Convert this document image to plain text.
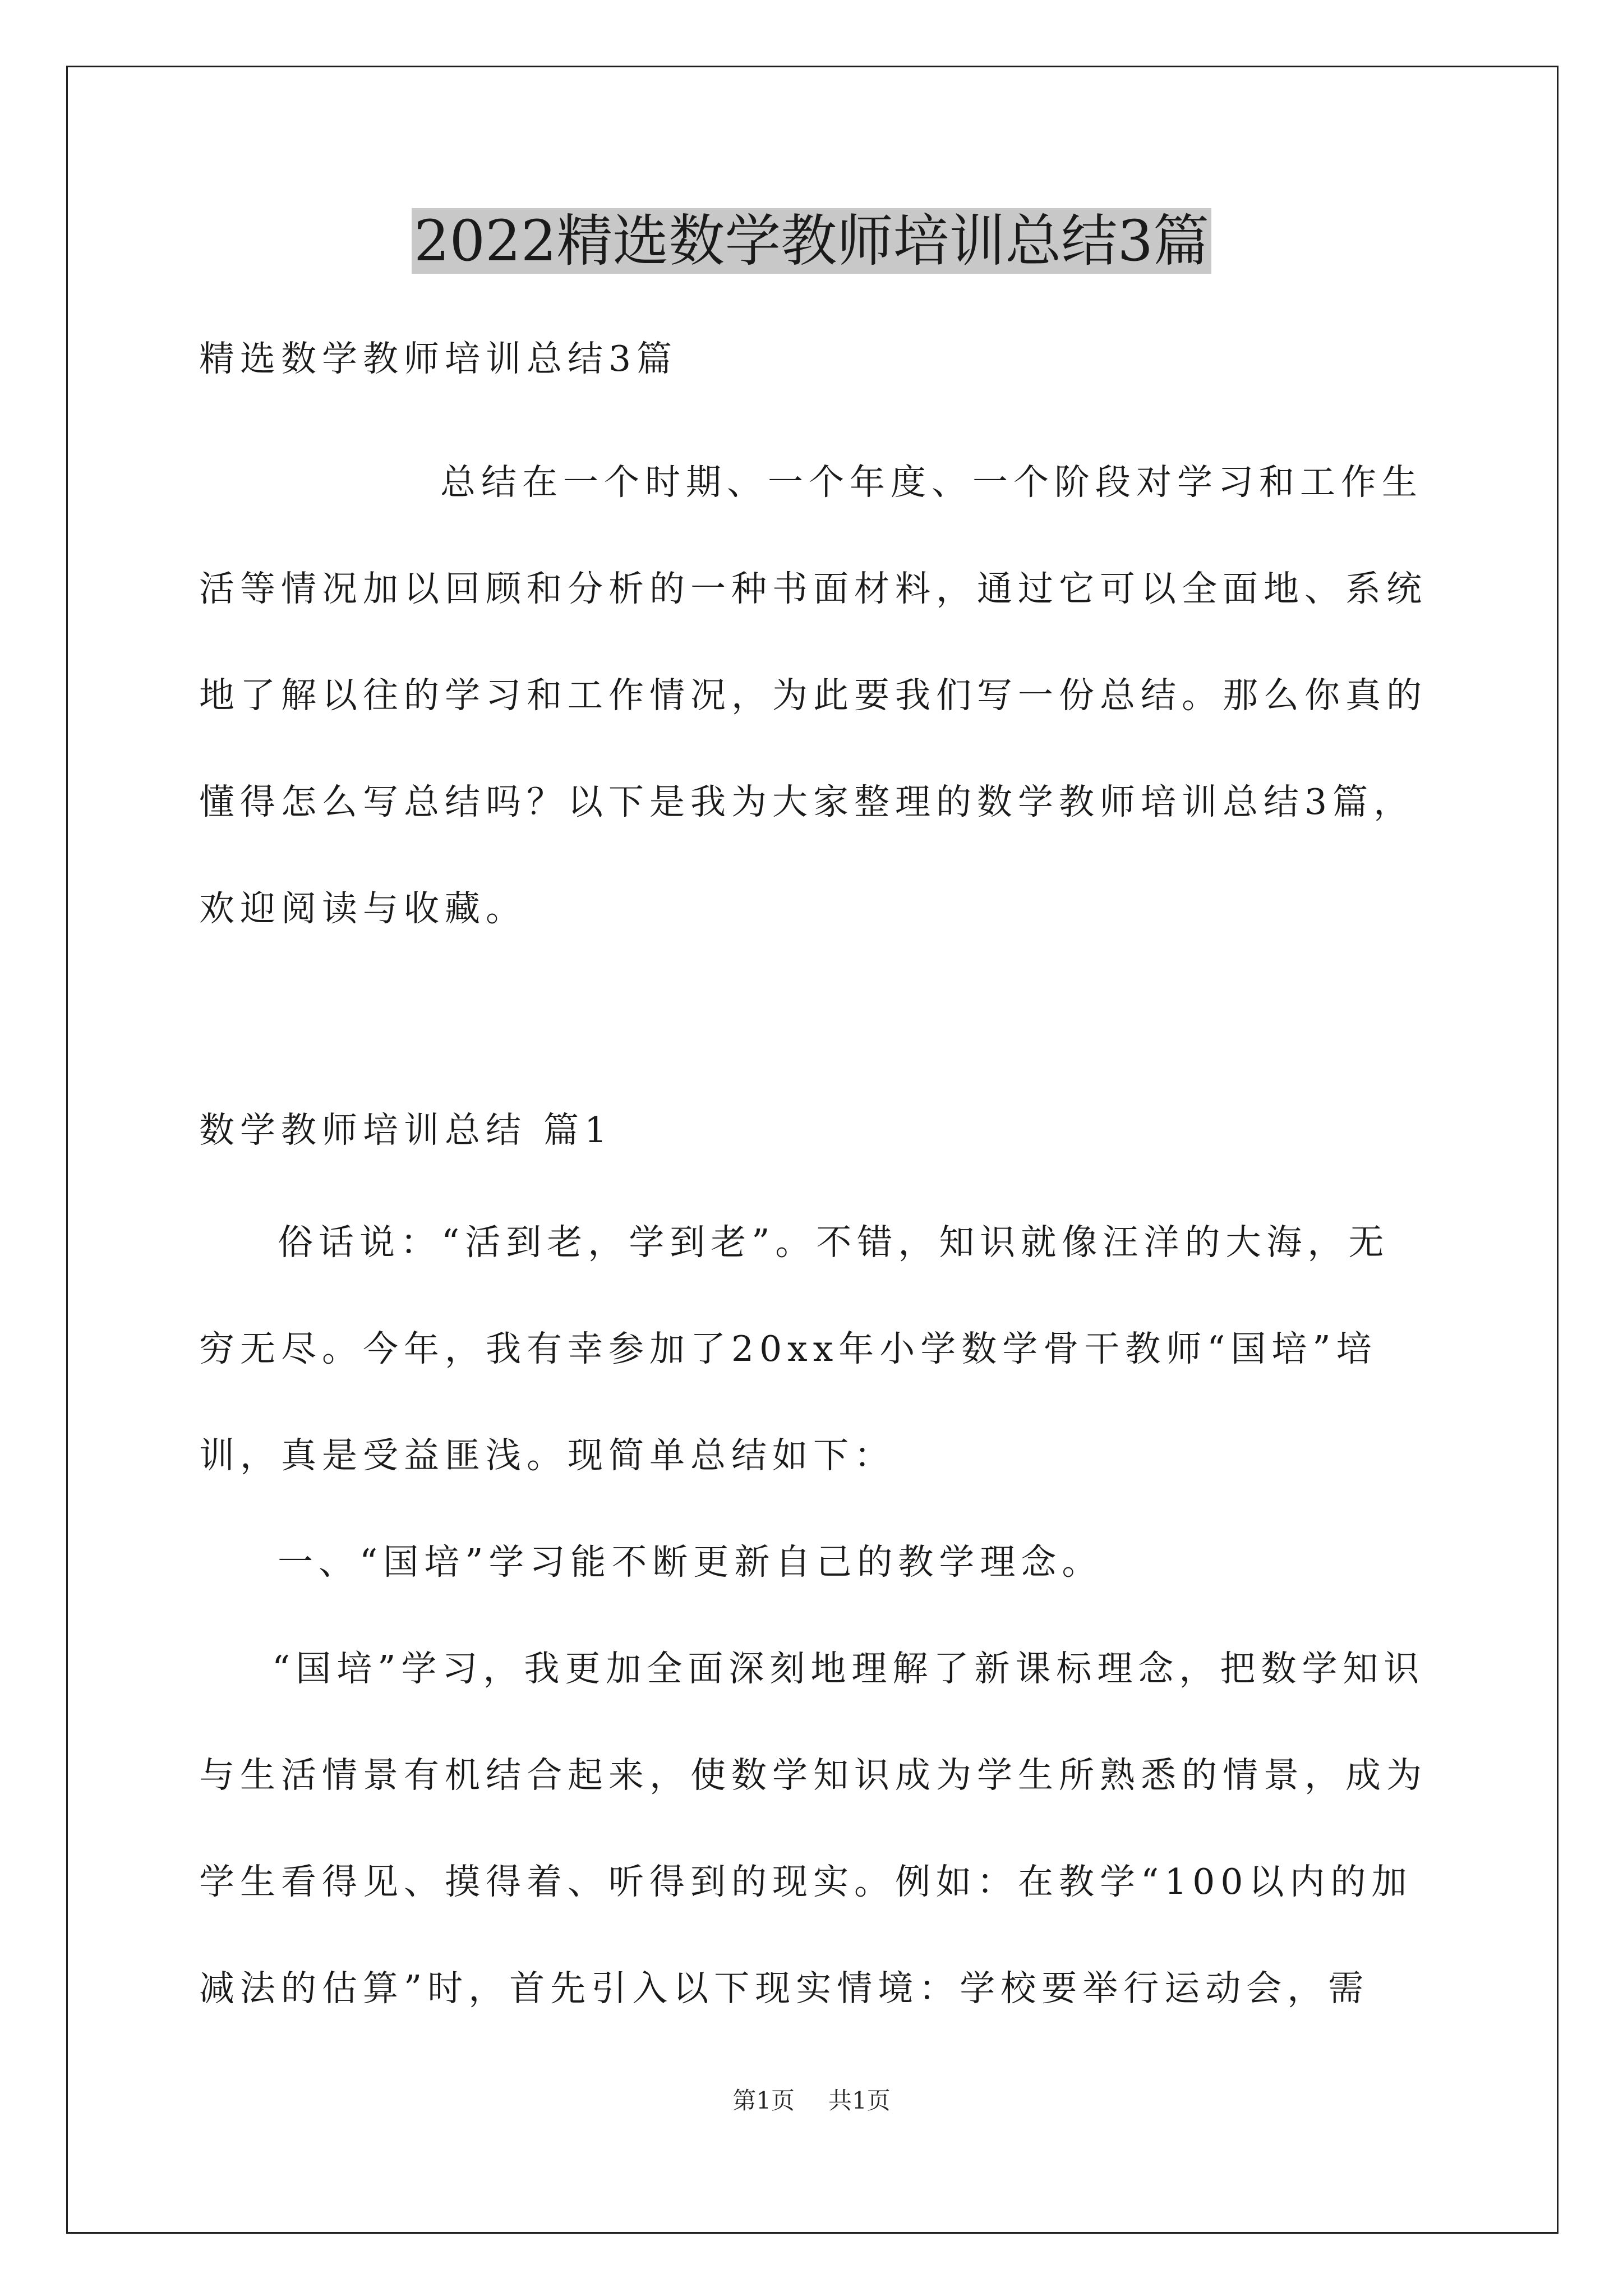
2022精选数学教师培训总结3篇

精选数学教师培训总结3篇

总结在一个时期、一个年度、一个阶段对学习和工作生活等情况加以回顾和分析的一种书面材料，通过它可以全面地、系统地了解以往的学习和工作情况，为此要我们写一份总结。那么你真的懂得怎么写总结吗？以下是我为大家整理的数学教师培训总结3篇，欢迎阅读与收藏。

数学教师培训总结 篇1

俗话说：“活到老，学到老”。不错，知识就像汪洋的大海，无穷无尽。今年，我有幸参加了20xx年小学数学骨干教师“国培”培训，真是受益匪浅。现简单总结如下：

一、“国培”学习能不断更新自己的教学理念。

“国培”学习，我更加全面深刻地理解了新课标理念，把数学知识与生活情景有机结合起来，使数学知识成为学生所熟悉的情景，成为学生看得见、摸得着、听得到的现实。例如：在教学“100以内的加减法的估算”时，首先引入以下现实情境：学校要举行运动会，需

第1页 共1页
